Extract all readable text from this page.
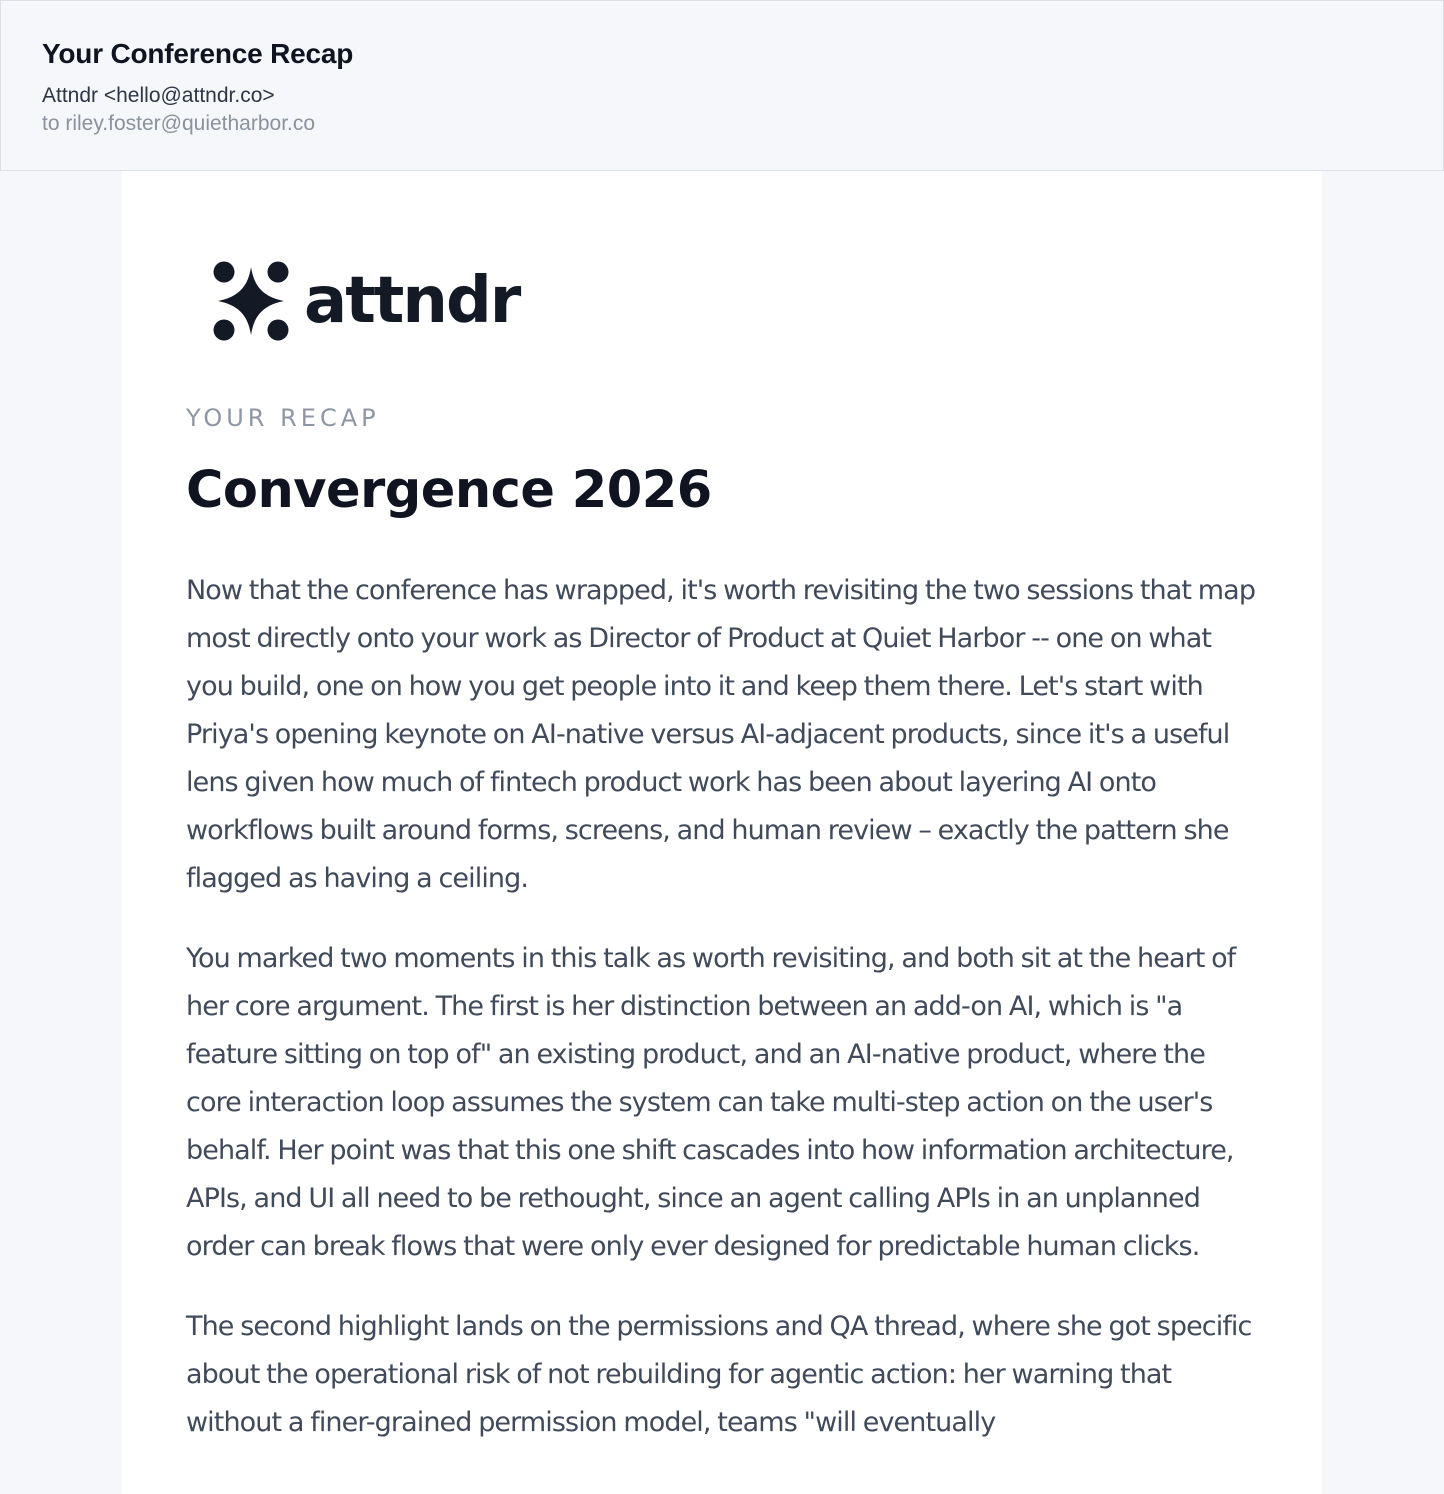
Your Conference Recap
Attndr <hello@attndr.co>
to riley.foster@quietharbor.co
attndr
YOUR RECAP
Convergence 2026

Now that the conference has wrapped, it's worth revisiting the two sessions that map most directly onto your work as Director of Product at Quiet Harbor -- one on what you build, one on how you get people into it and keep them there. Let's start with Priya's opening keynote on AI-native versus AI-adjacent products, since it's a useful lens given how much of fintech product work has been about layering AI onto workflows built around forms, screens, and human review – exactly the pattern she flagged as having a ceiling.

You marked two moments in this talk as worth revisiting, and both sit at the heart of her core argument. The first is her distinction between an add-on AI, which is "a feature sitting on top of" an existing product, and an AI-native product, where the core interaction loop assumes the system can take multi-step action on the user's behalf. Her point was that this one shift cascades into how information architecture, APIs, and UI all need to be rethought, since an agent calling APIs in an unplanned order can break flows that were only ever designed for predictable human clicks.

The second highlight lands on the permissions and QA thread, where she got specific about the operational risk of not rebuilding for agentic action: her warning that without a finer-grained permission model, teams "will eventually
